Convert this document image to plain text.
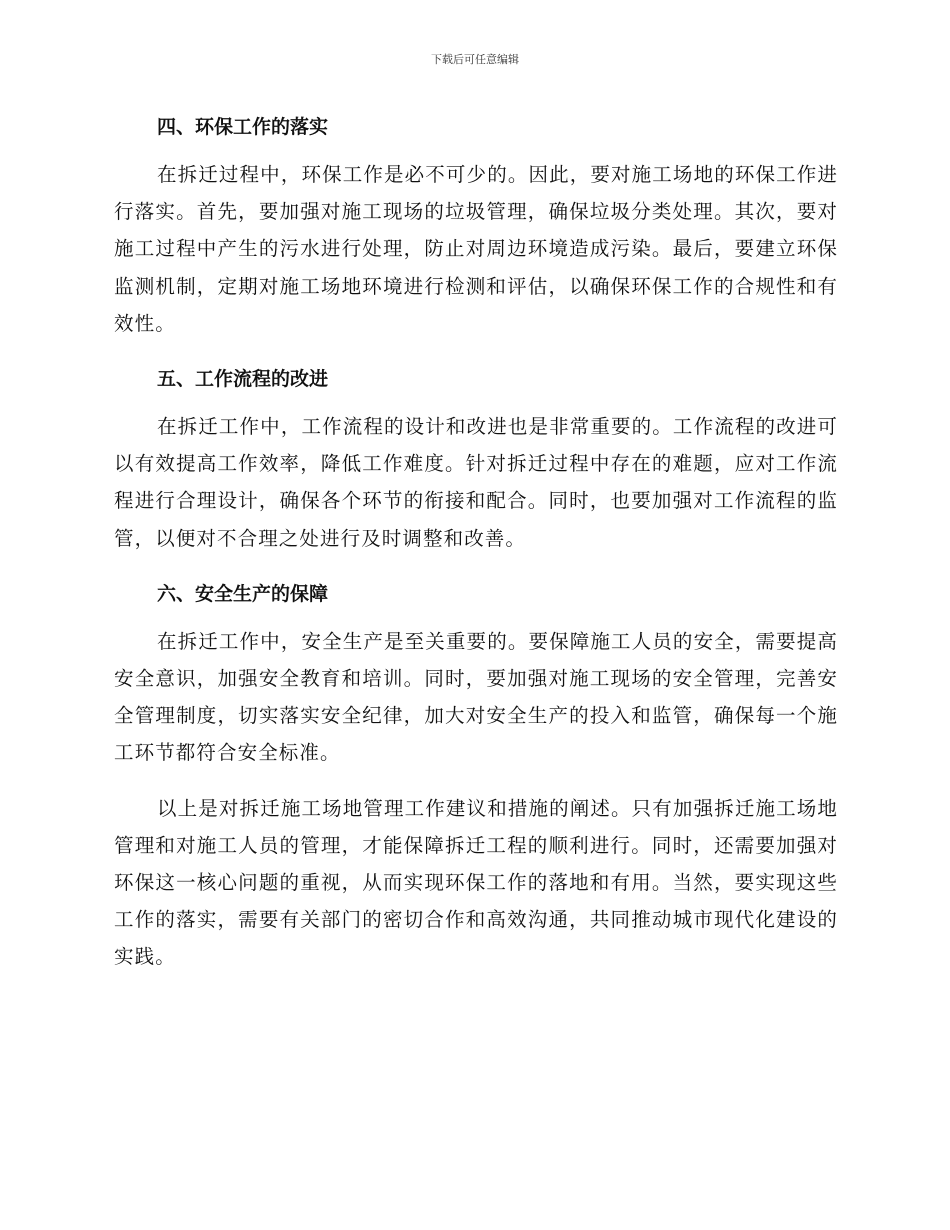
下载后可任意编辑
四、环保工作的落实

在拆迁过程中，环保工作是必不可少的。因此，要对施工场地的环保工作进行落实。首先，要加强对施工现场的垃圾管理，确保垃圾分类处理。其次，要对施工过程中产生的污水进行处理，防止对周边环境造成污染。最后，要建立环保监测机制，定期对施工场地环境进行检测和评估，以确保环保工作的合规性和有效性。

五、工作流程的改进

在拆迁工作中，工作流程的设计和改进也是非常重要的。工作流程的改进可以有效提高工作效率，降低工作难度。针对拆迁过程中存在的难题，应对工作流程进行合理设计，确保各个环节的衔接和配合。同时，也要加强对工作流程的监管，以便对不合理之处进行及时调整和改善。

六、安全生产的保障

在拆迁工作中，安全生产是至关重要的。要保障施工人员的安全，需要提高安全意识，加强安全教育和培训。同时，要加强对施工现场的安全管理，完善安全管理制度，切实落实安全纪律，加大对安全生产的投入和监管，确保每一个施工环节都符合安全标准。

以上是对拆迁施工场地管理工作建议和措施的阐述。只有加强拆迁施工场地管理和对施工人员的管理，才能保障拆迁工程的顺利进行。同时，还需要加强对环保这一核心问题的重视，从而实现环保工作的落地和有用。当然，要实现这些工作的落实，需要有关部门的密切合作和高效沟通，共同推动城市现代化建设的实践。
